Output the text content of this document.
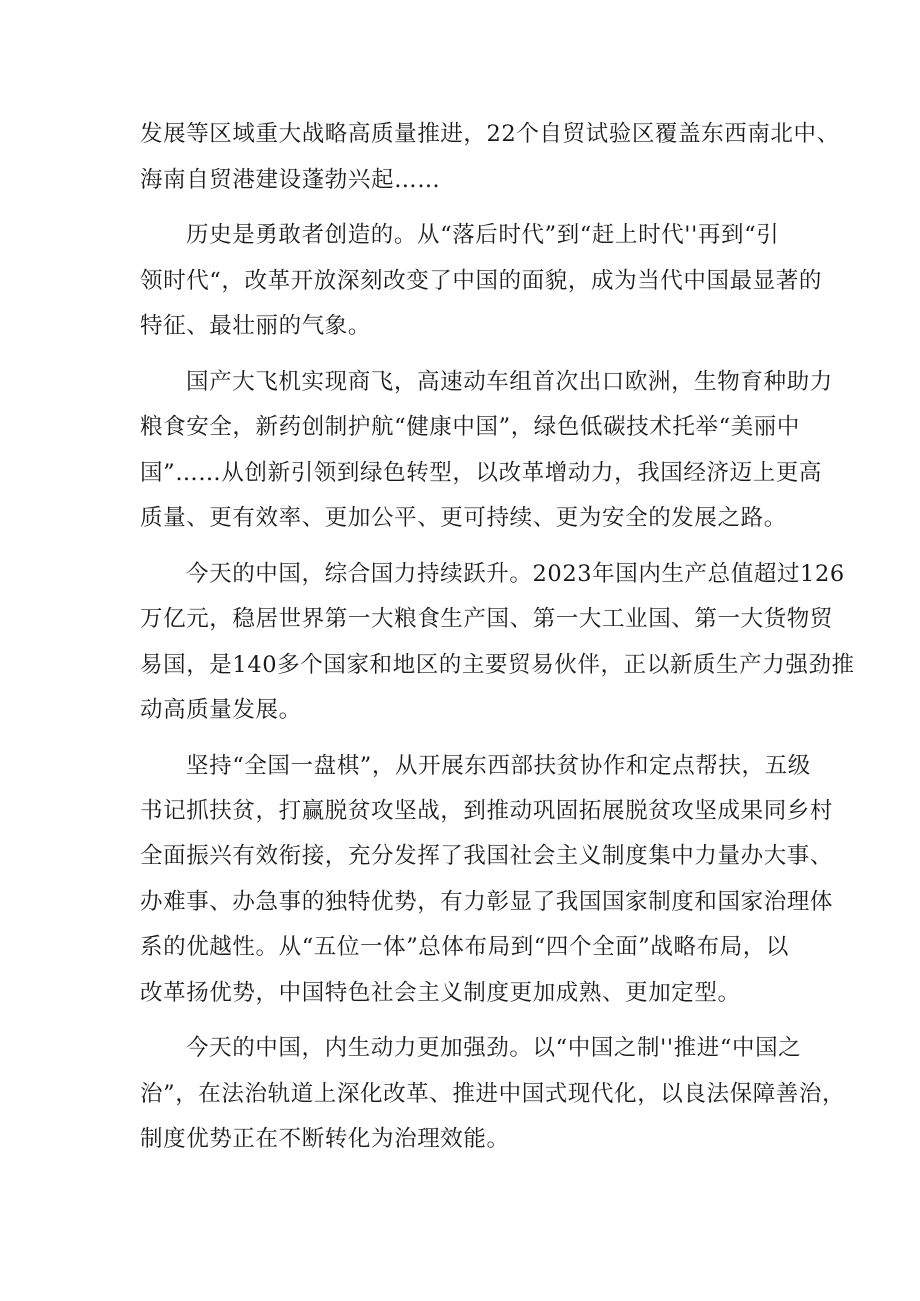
发展等区域重大战略高质量推进，22个自贸试验区覆盖东西南北中、
海南自贸港建设蓬勃兴起……
历史是勇敢者创造的。从“落后时代”到“赶上时代''再到“引
领时代“，改革开放深刻改变了中国的面貌，成为当代中国最显著的
特征、最壮丽的气象。
国产大飞机实现商飞，高速动车组首次出口欧洲，生物育种助力
粮食安全，新药创制护航“健康中国”，绿色低碳技术托举“美丽中
国”……从创新引领到绿色转型，以改革增动力，我国经济迈上更高
质量、更有效率、更加公平、更可持续、更为安全的发展之路。
今天的中国，综合国力持续跃升。2023年国内生产总值超过126
万亿元，稳居世界第一大粮食生产国、第一大工业国、第一大货物贸
易国，是140多个国家和地区的主要贸易伙伴，正以新质生产力强劲推
动高质量发展。
坚持“全国一盘棋”，从开展东西部扶贫协作和定点帮扶，五级
书记抓扶贫，打赢脱贫攻坚战，到推动巩固拓展脱贫攻坚成果同乡村
全面振兴有效衔接，充分发挥了我国社会主义制度集中力量办大事、
办难事、办急事的独特优势，有力彰显了我国国家制度和国家治理体
系的优越性。从“五位一体”总体布局到“四个全面”战略布局，以
改革扬优势，中国特色社会主义制度更加成熟、更加定型。
今天的中国，内生动力更加强劲。以“中国之制''推进“中国之
治”，在法治轨道上深化改革、推进中国式现代化，以良法保障善治，
制度优势正在不断转化为治理效能。
